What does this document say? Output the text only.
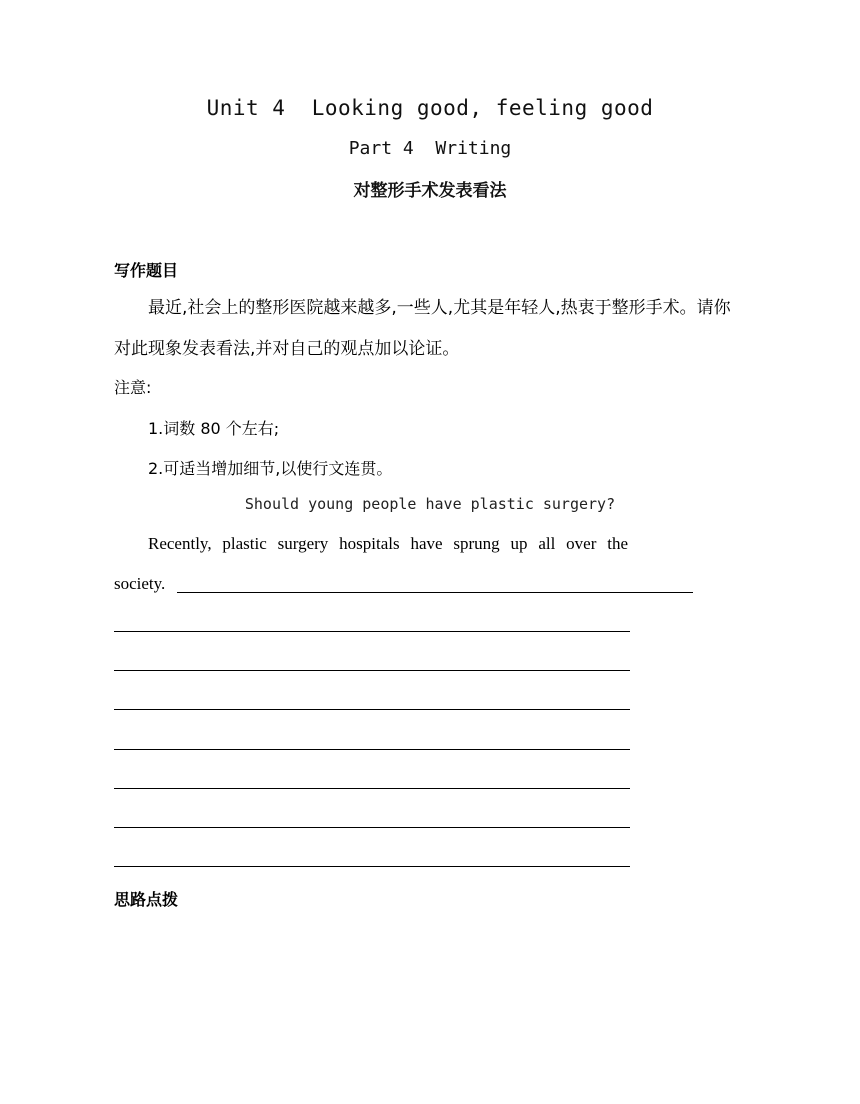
Unit 4  Looking good, feeling good
Part 4  Writing
对整形手术发表看法
写作题目
最近,社会上的整形医院越来越多,一些人,尤其是年轻人,热衷于整形手术。请你对此现象发表看法,并对自己的观点加以论证。
注意:
1.词数 80 个左右;
2.可适当增加细节,以使行文连贯。
Should young people have plastic surgery?
Recently, plastic surgery hospitals have sprung up all over the
society.
思路点拨
